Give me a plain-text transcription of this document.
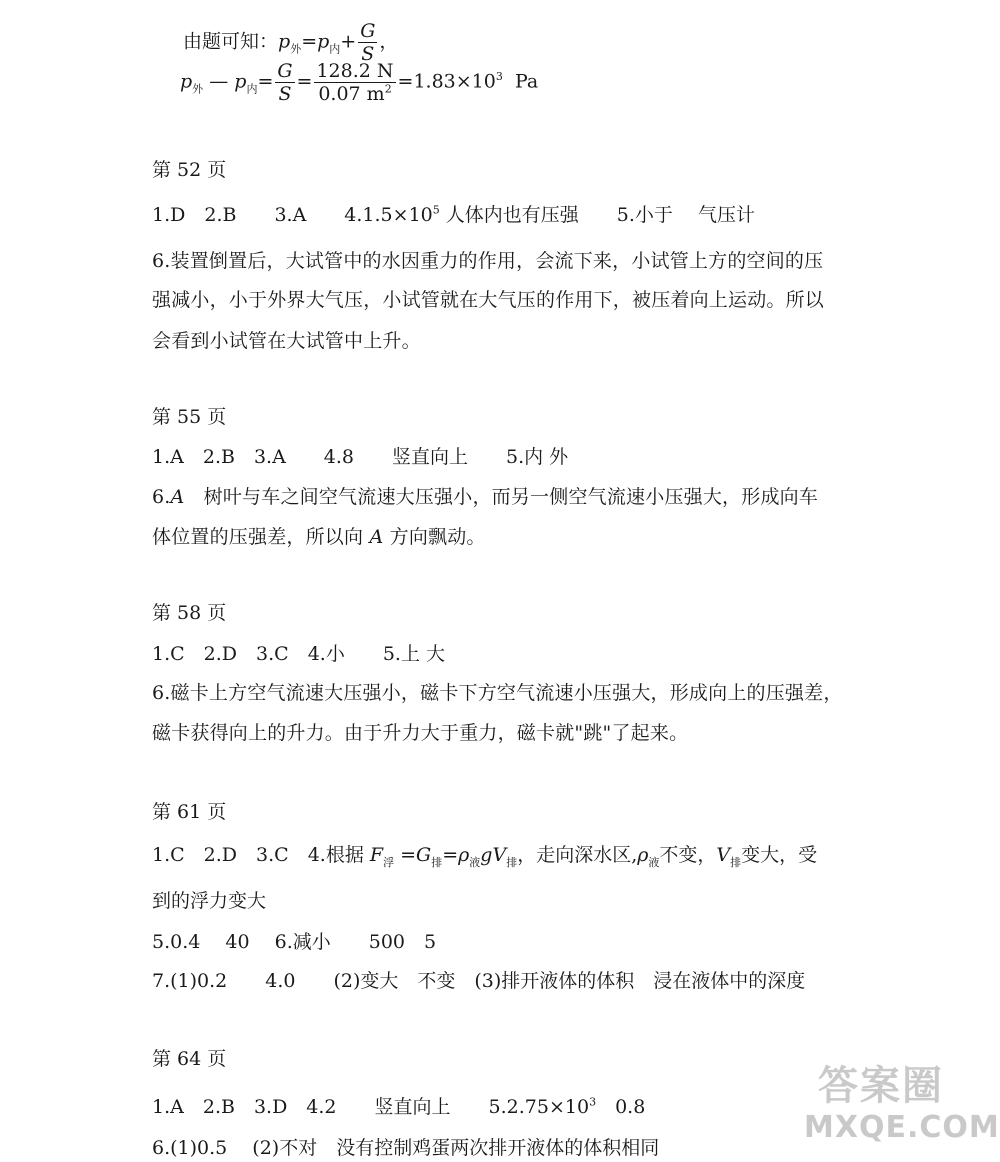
由题可知：$p_外=p_内+ \frac{G}{S}$ ，
$p_外$ — $p_内= \frac{G}{S} = \frac{128.2 N}{0.07 m^2} =1.83\times 10^3$ Pa
第 52 页
1.D　2.B　　3.A　　$4.1.5\times 10^5$ 人体内也有压强　　5.小于　 气压计
6.装置倒置后，大试管中的水因重力的作用，会流下来，小试管上方的空间的压
强减小，小于外界大气压，小试管就在大气压的作用下，被压着向上运动。所以
会看到小试管在大试管中上升。
第 55 页
1.A　2.B　3.A　　4.8　　竖直向上　　5.内 外
6.A　树叶与车之间空气流速大压强小，而另一侧空气流速小压强大，形成向车
体位置的压强差，所以向 A 方向飘动。
第 58 页
1.C　2.D　3.C　4.小　　5.上 大
6.磁卡上方空气流速大压强小，磁卡下方空气流速小压强大，形成向上的压强差，
磁卡获得向上的升力。由于升力大于重力，磁卡就"跳"了起来。
第 61 页
1.C　2.D　3.C　4.根据 $F_浮 =G_排=\rho_液gV_排$，走向深水区$,\rho_液$不变，$V_排$变大，受
到的浮力变大
5.0.4　 40　 6.减小　　500　5
7.(1)0.2　　4.0　　(2)变大　不变　(3)排开液体的体积　浸在液体中的深度
第 64 页
1.A　2.B　3.D　4.2　　竖直向上　　$5.2.75\times 10^3$　0.8
6.(1)0.5　 (2)不对　没有控制鸡蛋两次排开液体的体积相同
答案圈
MXQE.COM
